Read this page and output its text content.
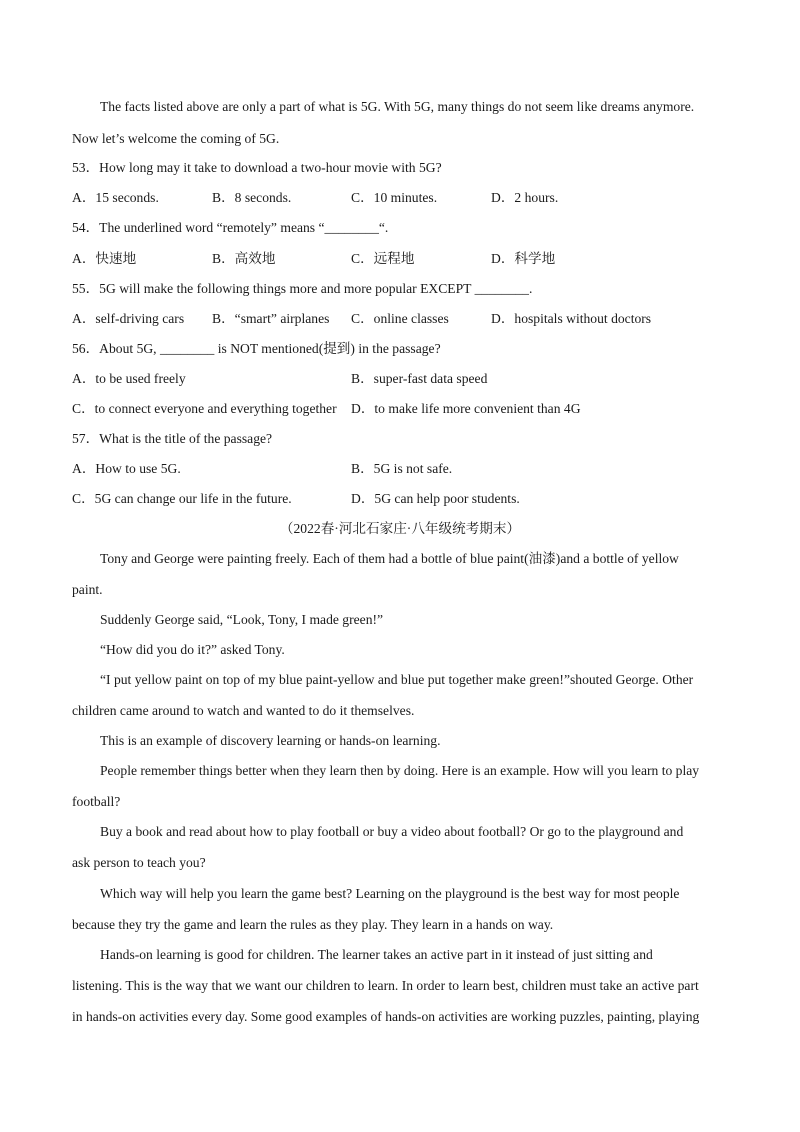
The facts listed above are only a part of what is 5G. With 5G, many things do not seem like dreams anymore.
Now let’s welcome the coming of 5G.
53．How long may it take to download a two-hour movie with 5G?
A．15 seconds.	B．8 seconds.	C．10 minutes.	D．2 hours.
54．The underlined word “remotely” means “________“.
A．快速地	B．高效地	C．远程地	D．科学地
55．5G will make the following things more and more popular EXCEPT ________.
A．self-driving cars B．“smart” airplanes C．online classes	D．hospitals without doctors
56．About 5G, ________ is NOT mentioned(提到) in the passage?
A．to be used freely	B．super-fast data speed
C．to connect everyone and everything together D．to make life more convenient than 4G
57．What is the title of the passage?
A．How to use 5G.	B．5G is not safe.
C．5G can change our life in the future.	D．5G can help poor students.
（2022春·河北石家庄·八年级统考期末）
Tony and George were painting freely. Each of them had a bottle of blue paint(油漆)and a bottle of yellow
paint.
Suddenly George said, “Look, Tony, I made green!”
“How did you do it?” asked Tony.
“I put yellow paint on top of my blue paint-yellow and blue put together make green!”shouted George. Other
children came around to watch and wanted to do it themselves.
This is an example of discovery learning or hands-on learning.
People remember things better when they learn then by doing. Here is an example. How will you learn to play
football?
Buy a book and read about how to play football or buy a video about football? Or go to the playground and
ask person to teach you?
Which way will help you learn the game best? Learning on the playground is the best way for most people
because they try the game and learn the rules as they play. They learn in a hands on way.
Hands-on learning is good for children. The learner takes an active part in it instead of just sitting and
listening. This is the way that we want our children to learn. In order to learn best, children must take an active part
in hands-on activities every day. Some good examples of hands-on activities are working puzzles, painting, playing
